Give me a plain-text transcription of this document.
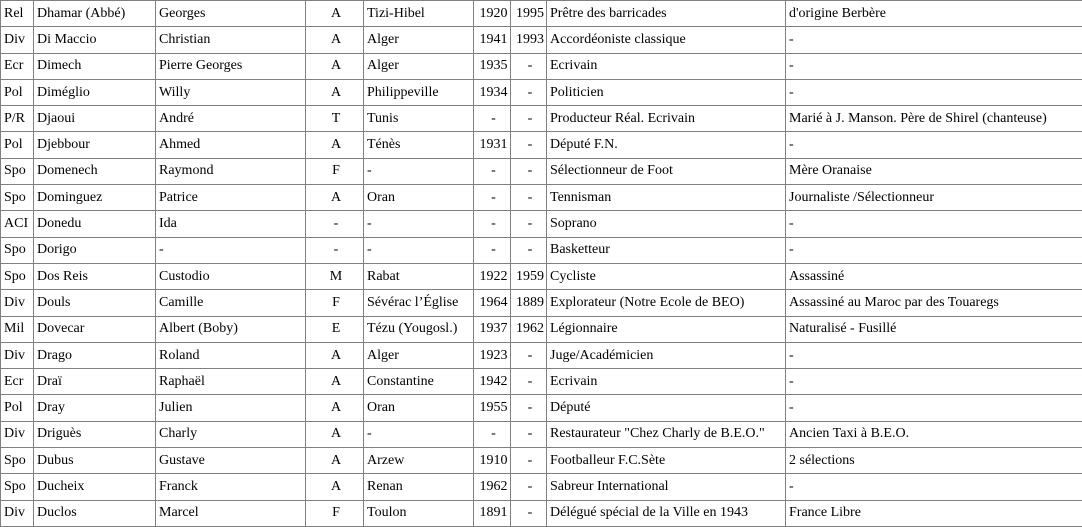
Rel	Dhamar (Abbé)	Georges	A	Tizi-Hibel	1920	1995	Prêtre des barricades	d'origine Berbère
Div	Di Maccio	Christian	A	Alger	1941	1993	Accordéoniste classique	-
Ecr	Dimech	Pierre Georges	A	Alger	1935	-	Ecrivain	-
Pol	Diméglio	Willy	A	Philippeville	1934	-	Politicien	-
P/R	Djaoui	André	T	Tunis	-	-	Producteur Réal. Ecrivain	Marié à J. Manson. Père de Shirel (chanteuse)
Pol	Djebbour	Ahmed	A	Ténès	1931	-	Député F.N.	-
Spo	Domenech	Raymond	F	-	-	-	Sélectionneur de Foot	Mère Oranaise
Spo	Dominguez	Patrice	A	Oran	-	-	Tennisman	Journaliste /Sélectionneur
ACI	Donedu	Ida	-	-	-	-	Soprano	-
Spo	Dorigo	-	-	-	-	-	Basketteur	-
Spo	Dos Reis	Custodio	M	Rabat	1922	1959	Cycliste	Assassiné
Div	Douls	Camille	F	Sévérac l’Église	1964	1889	Explorateur (Notre Ecole de BEO)	Assassiné au Maroc par des Touaregs
Mil	Dovecar	Albert (Boby)	E	Tézu (Yougosl.)	1937	1962	Légionnaire	Naturalisé - Fusillé
Div	Drago	Roland	A	Alger	1923	-	Juge/Académicien	-
Ecr	Draï	Raphaël	A	Constantine	1942	-	Ecrivain	-
Pol	Dray	Julien	A	Oran	1955	-	Député	-
Div	Driguès	Charly	A	-	-	-	Restaurateur "Chez Charly de B.E.O."	Ancien Taxi à B.E.O.
Spo	Dubus	Gustave	A	Arzew	1910	-	Footballeur F.C.Sète	2 sélections
Spo	Ducheix	Franck	A	Renan	1962	-	Sabreur International	-
Div	Duclos	Marcel	F	Toulon	1891	-	Délégué spécial de la Ville en 1943	France Libre
